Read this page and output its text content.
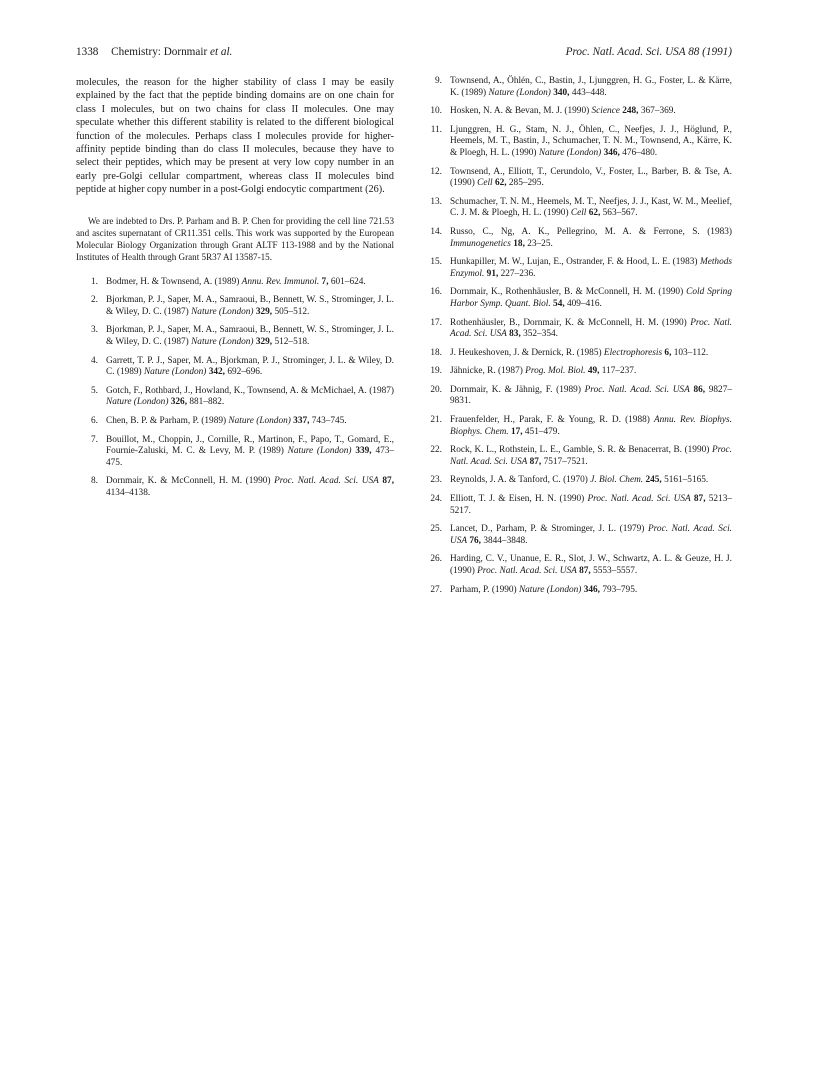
1338 Chemistry: Dornmair et al.	Proc. Natl. Acad. Sci. USA 88 (1991)

molecules, the reason for the higher stability of class I may be easily explained by the fact that the peptide binding domains are on one chain for class I molecules, but on two chains for class II molecules. One may speculate whether this different stability is related to the different biological function of the molecules. Perhaps class I molecules provide for higher-affinity peptide binding than do class II molecules, because they have to select their peptides, which may be present at very low copy number in an early pre-Golgi cellular compartment, whereas class II molecules bind peptide at higher copy number in a post-Golgi endocytic compartment (26).

We are indebted to Drs. P. Parham and B. P. Chen for providing the cell line 721.53 and ascites supernatant of CR11.351 cells. This work was supported by the European Molecular Biology Organization through Grant ALTF 113-1988 and by the National Institutes of Health through Grant 5R37 AI 13587-15.

1. Bodmer, H. & Townsend, A. (1989) Annu. Rev. Immunol. 7, 601–624.
2. Bjorkman, P. J., Saper, M. A., Samraoui, B., Bennett, W. S., Strominger, J. L. & Wiley, D. C. (1987) Nature (London) 329, 505–512.
3. Bjorkman, P. J., Saper, M. A., Samraoui, B., Bennett, W. S., Strominger, J. L. & Wiley, D. C. (1987) Nature (London) 329, 512–518.
4. Garrett, T. P. J., Saper, M. A., Bjorkman, P. J., Strominger, J. L. & Wiley, D. C. (1989) Nature (London) 342, 692–696.
5. Gotch, F., Rothbard, J., Howland, K., Townsend, A. & McMichael, A. (1987) Nature (London) 326, 881–882.
6. Chen, B. P. & Parham, P. (1989) Nature (London) 337, 743–745.
7. Bouillot, M., Choppin, J., Cornille, R., Martinon, F., Papo, T., Gomard, E., Fournie-Zaluski, M. C. & Levy, M. P. (1989) Nature (London) 339, 473–475.
8. Dornmair, K. & McConnell, H. M. (1990) Proc. Natl. Acad. Sci. USA 87, 4134–4138.
9. Townsend, A., Öhlén, C., Bastin, J., Ljunggren, H. G., Foster, L. & Kärre, K. (1989) Nature (London) 340, 443–448.
10. Hosken, N. A. & Bevan, M. J. (1990) Science 248, 367–369.
11. Ljunggren, H. G., Stam, N. J., Öhlen, C., Neefjes, J. J., Höglund, P., Heemels, M. T., Bastin, J., Schumacher, T. N. M., Townsend, A., Kärre, K. & Ploegh, H. L. (1990) Nature (London) 346, 476–480.
12. Townsend, A., Elliott, T., Cerundolo, V., Foster, L., Barber, B. & Tse, A. (1990) Cell 62, 285–295.
13. Schumacher, T. N. M., Heemels, M. T., Neefjes, J. J., Kast, W. M., Meelief, C. J. M. & Ploegh, H. L. (1990) Cell 62, 563–567.
14. Russo, C., Ng, A. K., Pellegrino, M. A. & Ferrone, S. (1983) Immunogenetics 18, 23–25.
15. Hunkapiller, M. W., Lujan, E., Ostrander, F. & Hood, L. E. (1983) Methods Enzymol. 91, 227–236.
16. Dornmair, K., Rothenhäusler, B. & McConnell, H. M. (1990) Cold Spring Harbor Symp. Quant. Biol. 54, 409–416.
17. Rothenhäusler, B., Dornmair, K. & McConnell, H. M. (1990) Proc. Natl. Acad. Sci. USA 83, 352–354.
18. J. Heukeshoven, J. & Dernick, R. (1985) Electrophoresis 6, 103–112.
19. Jähnicke, R. (1987) Prog. Mol. Biol. 49, 117–237.
20. Dornmair, K. & Jähnig, F. (1989) Proc. Natl. Acad. Sci. USA 86, 9827–9831.
21. Frauenfelder, H., Parak, F. & Young, R. D. (1988) Annu. Rev. Biophys. Biophys. Chem. 17, 451–479.
22. Rock, K. L., Rothstein, L. E., Gamble, S. R. & Benacerrat, B. (1990) Proc. Natl. Acad. Sci. USA 87, 7517–7521.
23. Reynolds, J. A. & Tanford, C. (1970) J. Biol. Chem. 245, 5161–5165.
24. Elliott, T. J. & Eisen, H. N. (1990) Proc. Natl. Acad. Sci. USA 87, 5213–5217.
25. Lancet, D., Parham, P. & Strominger, J. L. (1979) Proc. Natl. Acad. Sci. USA 76, 3844–3848.
26. Harding, C. V., Unanue, E. R., Slot, J. W., Schwartz, A. L. & Geuze, H. J. (1990) Proc. Natl. Acad. Sci. USA 87, 5553–5557.
27. Parham, P. (1990) Nature (London) 346, 793–795.
